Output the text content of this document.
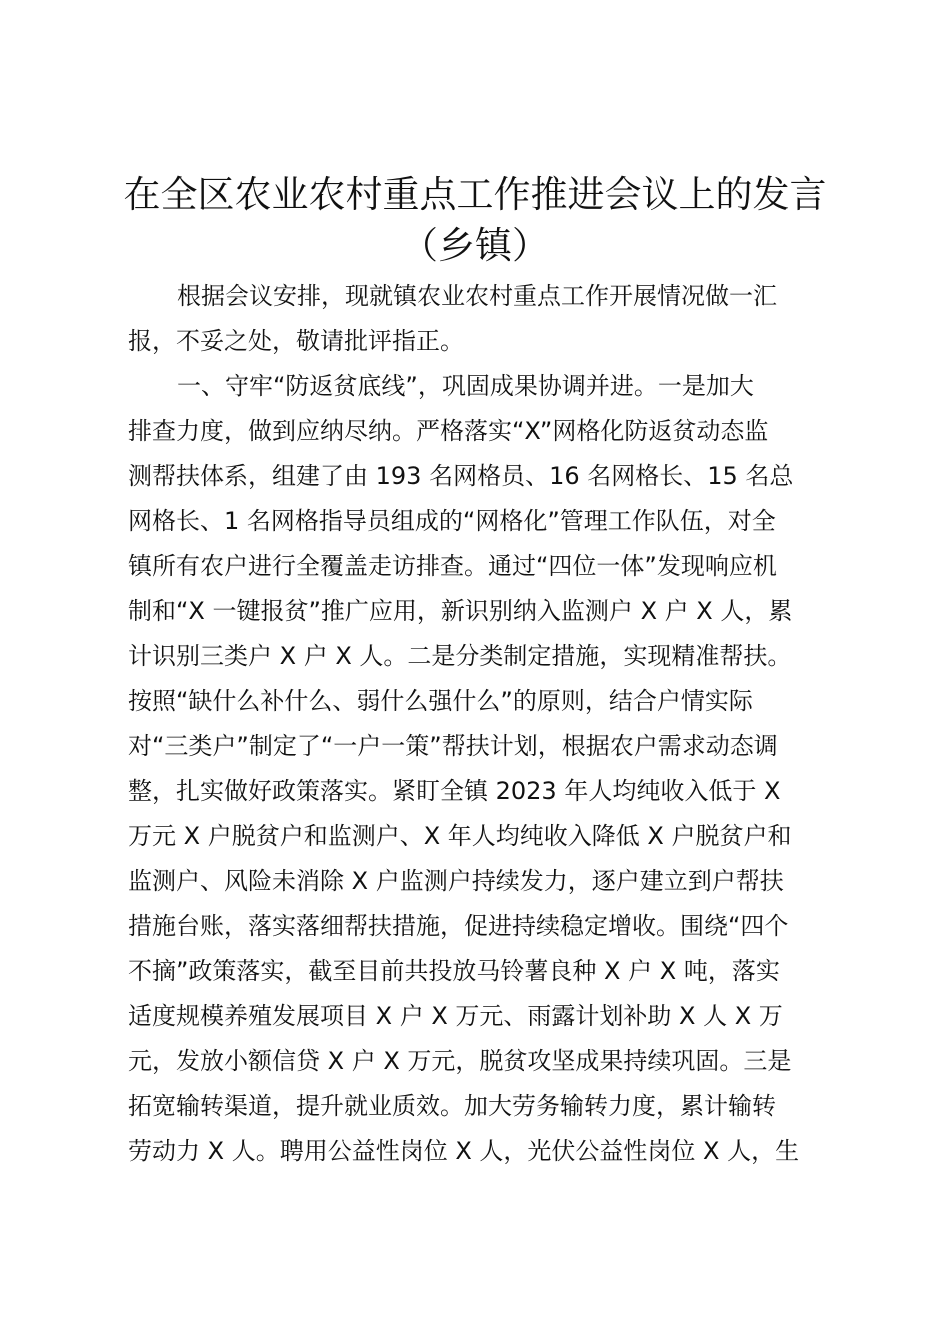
在全区农业农村重点工作推进会议上的发言
（乡镇）

根据会议安排，现就镇农业农村重点工作开展情况做一汇

报，不妥之处，敬请批评指正。

一、守牢“防返贫底线”，巩固成果协调并进。一是加大

排查力度，做到应纳尽纳。严格落实“X”网格化防返贫动态监

测帮扶体系，组建了由 193 名网格员、16 名网格长、15 名总

网格长、1 名网格指导员组成的“网格化”管理工作队伍，对全

镇所有农户进行全覆盖走访排查。通过“四位一体”发现响应机

制和“X 一键报贫”推广应用，新识别纳入监测户 X 户 X 人，累

计识别三类户 X 户 X 人。二是分类制定措施，实现精准帮扶。

按照“缺什么补什么、弱什么强什么”的原则，结合户情实际

对“三类户”制定了“一户一策”帮扶计划，根据农户需求动态调

整，扎实做好政策落实。紧盯全镇 2023 年人均纯收入低于 X

万元 X 户脱贫户和监测户、X 年人均纯收入降低 X 户脱贫户和

监测户、风险未消除 X 户监测户持续发力，逐户建立到户帮扶

措施台账，落实落细帮扶措施，促进持续稳定增收。围绕“四个

不摘”政策落实，截至目前共投放马铃薯良种 X 户 X 吨，落实

适度规模养殖发展项目 X 户 X 万元、雨露计划补助 X 人 X 万

元，发放小额信贷 X 户 X 万元，脱贫攻坚成果持续巩固。三是

拓宽输转渠道，提升就业质效。加大劳务输转力度，累计输转

劳动力 X 人。聘用公益性岗位 X 人，光伏公益性岗位 X 人，生
